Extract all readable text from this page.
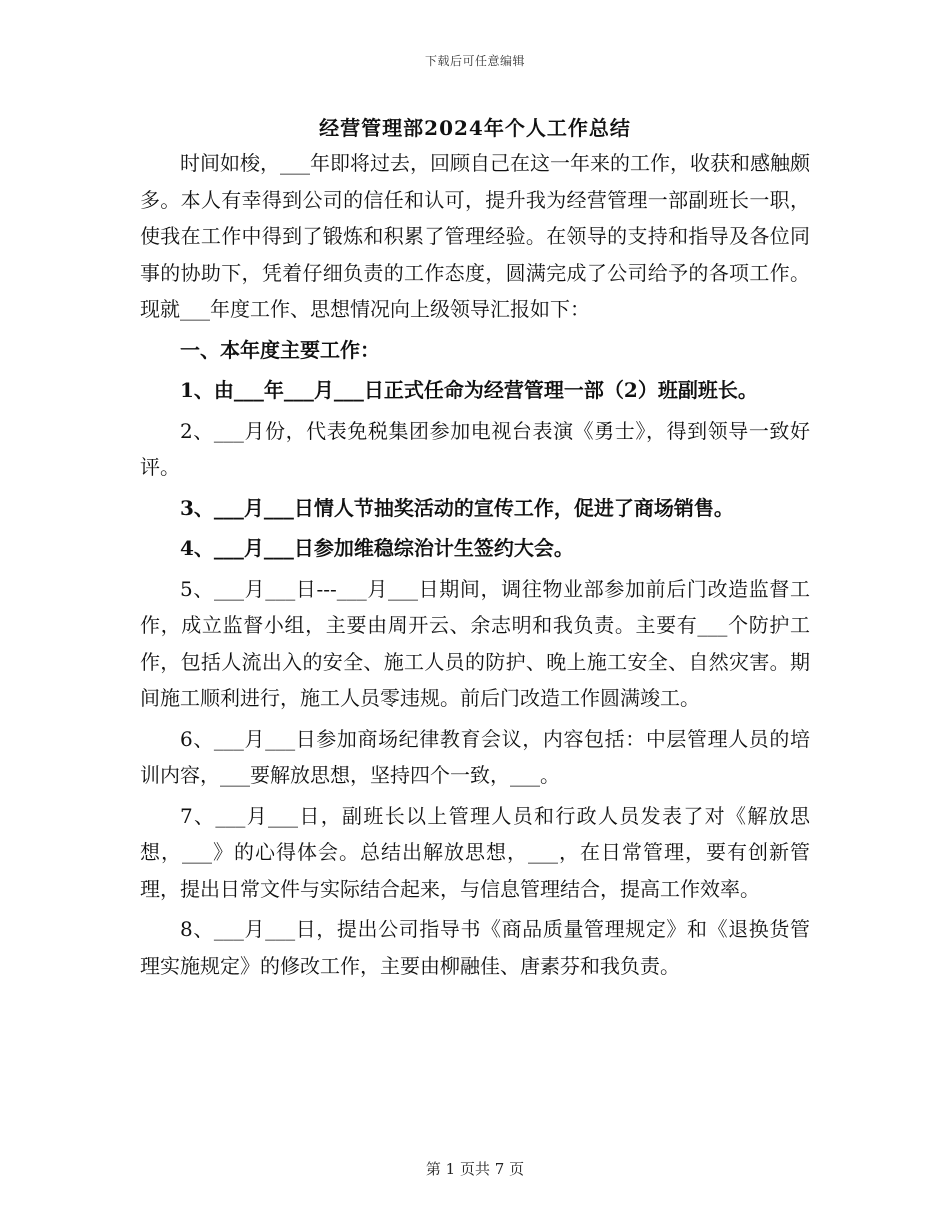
下载后可任意编辑
经营管理部2024年个人工作总结

时间如梭，___年即将过去，回顾自己在这一年来的工作，收获和感触颇多。本人有幸得到公司的信任和认可，提升我为经营管理一部副班长一职，使我在工作中得到了锻炼和积累了管理经验。在领导的支持和指导及各位同事的协助下，凭着仔细负责的工作态度，圆满完成了公司给予的各项工作。现就___年度工作、思想情况向上级领导汇报如下：

一、本年度主要工作：

1、由___年___月___日正式任命为经营管理一部（2）班副班长。

2、___月份，代表免税集团参加电视台表演《勇士》，得到领导一致好评。

3、___月___日情人节抽奖活动的宣传工作，促进了商场销售。

4、___月___日参加维稳综治计生签约大会。

5、___月___日---___月___日期间，调往物业部参加前后门改造监督工作，成立监督小组，主要由周开云、余志明和我负责。主要有___个防护工作，包括人流出入的安全、施工人员的防护、晚上施工安全、自然灾害。期间施工顺利进行，施工人员零违规。前后门改造工作圆满竣工。

6、___月___日参加商场纪律教育会议，内容包括：中层管理人员的培训内容，___要解放思想，坚持四个一致，___。

7、___月___日，副班长以上管理人员和行政人员发表了对《解放思想，___》的心得体会。总结出解放思想，___，在日常管理，要有创新管理，提出日常文件与实际结合起来，与信息管理结合，提高工作效率。

8、___月___日，提出公司指导书《商品质量管理规定》和《退换货管理实施规定》的修改工作，主要由柳融佳、唐素芬和我负责。

第 1 页共 7 页
